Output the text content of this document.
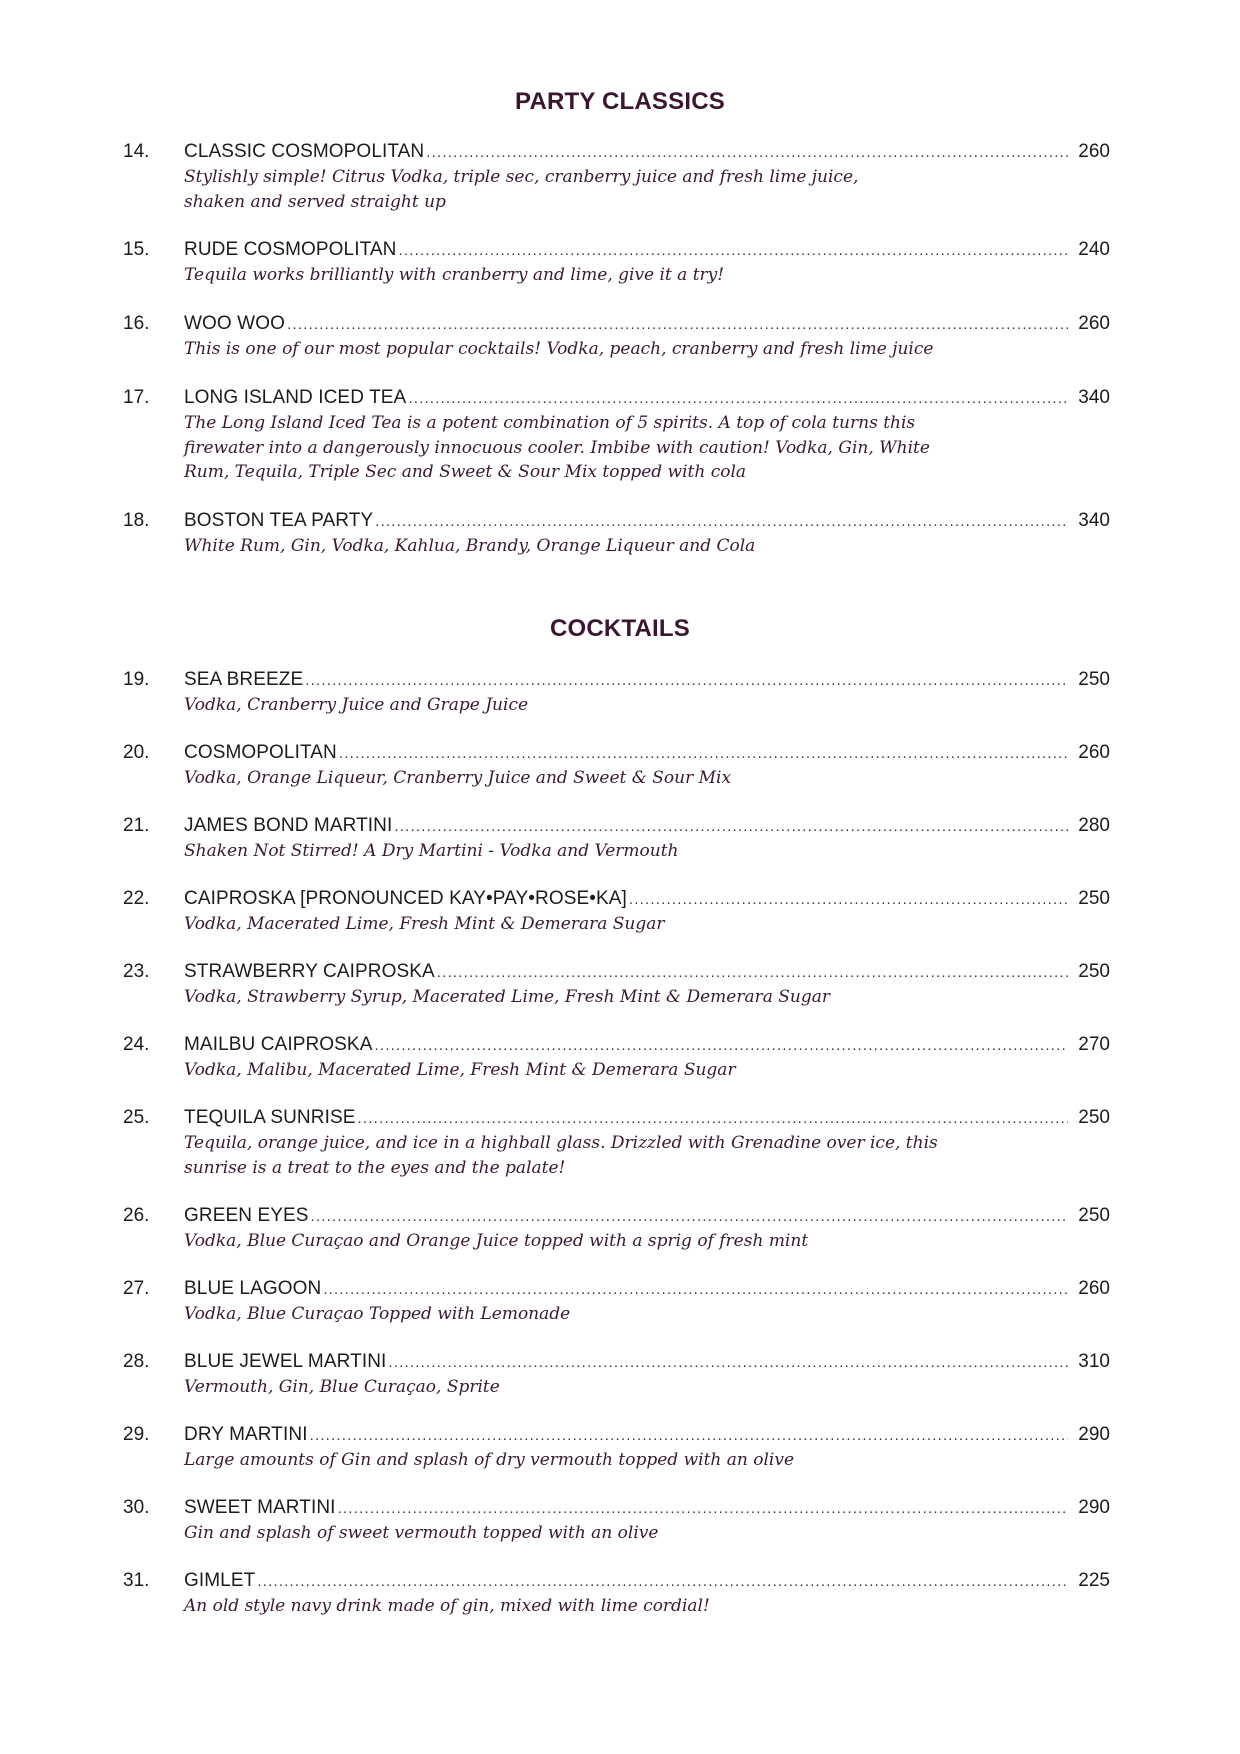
PARTY CLASSICS
14.	CLASSIC COSMOPOLITAN .....	260

Stylishly simple! Citrus Vodka, triple sec, cranberry juice and fresh lime juice,
shaken and served straight up

15.	RUDE COSMOPOLITAN .....	240

Tequila works brilliantly with cranberry and lime, give it a try!

16.	WOO WOO .....	260

This is one of our most popular cocktails! Vodka, peach, cranberry and fresh lime juice

17.	LONG ISLAND ICED TEA .....	340

The Long Island Iced Tea is a potent combination of 5 spirits. A top of cola turns this
firewater into a dangerously innocuous cooler. Imbibe with caution! Vodka, Gin, White
Rum, Tequila, Triple Sec and Sweet & Sour Mix topped with cola

18.	BOSTON TEA PARTY .....	340

White Rum, Gin, Vodka, Kahlua, Brandy, Orange Liqueur and Cola

COCKTAILS
19.	SEA BREEZE .....	250

Vodka, Cranberry Juice and Grape Juice

20.	COSMOPOLITAN .....	260

Vodka, Orange Liqueur, Cranberry Juice and Sweet & Sour Mix

21.	JAMES BOND MARTINI .....	280

Shaken Not Stirred! A Dry Martini - Vodka and Vermouth

22.	CAIPROSKA [PRONOUNCED KAY•PAY•ROSE•KA] .....	250

Vodka, Macerated Lime, Fresh Mint & Demerara Sugar

23.	STRAWBERRY CAIPROSKA .....	250

Vodka, Strawberry Syrup, Macerated Lime, Fresh Mint & Demerara Sugar

24.	MAILBU CAIPROSKA .....	270

Vodka, Malibu, Macerated Lime, Fresh Mint & Demerara Sugar

25.	TEQUILA SUNRISE .....	250

Tequila, orange juice, and ice in a highball glass. Drizzled with Grenadine over ice, this
sunrise is a treat to the eyes and the palate!

26.	GREEN EYES .....	250

Vodka, Blue Curaçao and Orange Juice topped with a sprig of fresh mint

27.	BLUE LAGOON .....	260

Vodka, Blue Curaçao Topped with Lemonade

28.	BLUE JEWEL MARTINI .....	310

Vermouth, Gin, Blue Curaçao, Sprite

29.	DRY MARTINI .....	290

Large amounts of Gin and splash of dry vermouth topped with an olive

30.	SWEET MARTINI .....	290

Gin and splash of sweet vermouth topped with an olive

31.	GIMLET .....	225

An old style navy drink made of gin, mixed with lime cordial!
